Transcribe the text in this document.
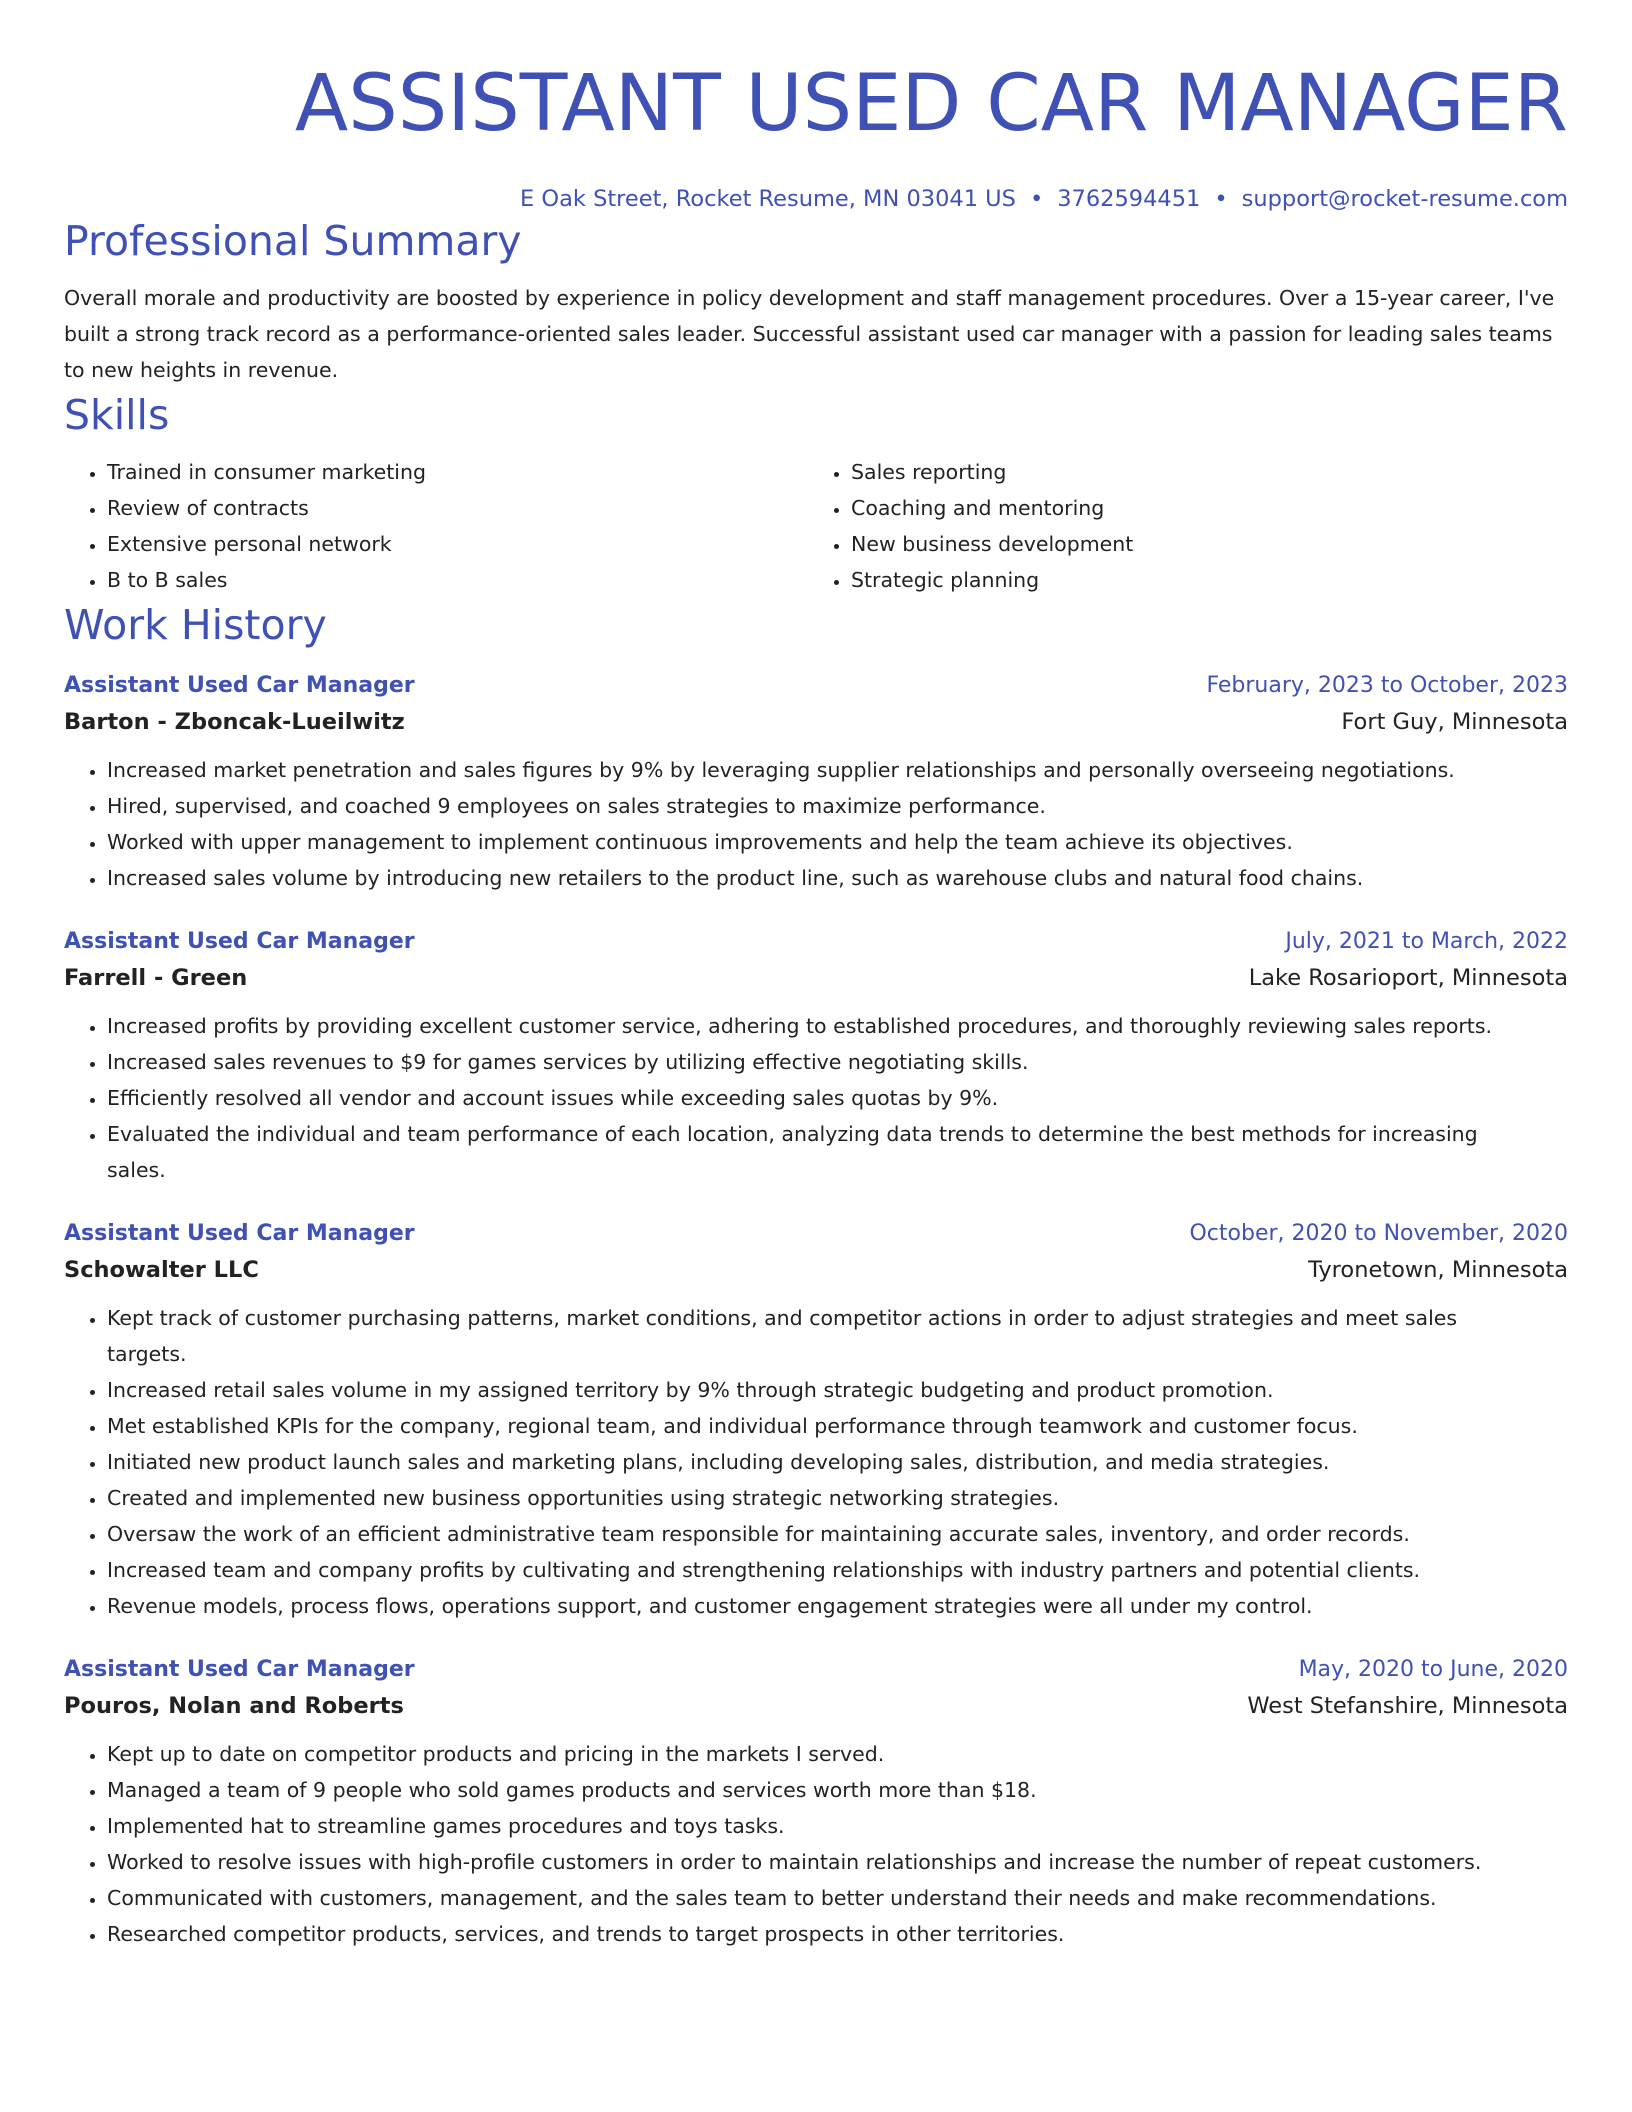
ASSISTANT USED CAR MANAGER
E Oak Street, Rocket Resume, MN 03041 US • 3762594451 • support@rocket-resume.com
Professional Summary

Overall morale and productivity are boosted by experience in policy development and staff management procedures. Over a 15-year career, I've built a strong track record as a performance-oriented sales leader. Successful assistant used car manager with a passion for leading sales teams to new heights in revenue.

Skills
• Trained in consumer marketing
• Review of contracts
• Extensive personal network
• B to B sales
• Sales reporting
• Coaching and mentoring
• New business development
• Strategic planning
Work History
Assistant Used Car Manager	February, 2023 to October, 2023
Barton - Zboncak-Lueilwitz	Fort Guy, Minnesota
• Increased market penetration and sales figures by 9% by leveraging supplier relationships and personally overseeing negotiations.
• Hired, supervised, and coached 9 employees on sales strategies to maximize performance.
• Worked with upper management to implement continuous improvements and help the team achieve its objectives.
• Increased sales volume by introducing new retailers to the product line, such as warehouse clubs and natural food chains.
Assistant Used Car Manager	July, 2021 to March, 2022
Farrell - Green	Lake Rosarioport, Minnesota
• Increased profits by providing excellent customer service, adhering to established procedures, and thoroughly reviewing sales reports.
• Increased sales revenues to $9 for games services by utilizing effective negotiating skills.
• Efficiently resolved all vendor and account issues while exceeding sales quotas by 9%.
• Evaluated the individual and team performance of each location, analyzing data trends to determine the best methods for increasing sales.
Assistant Used Car Manager	October, 2020 to November, 2020
Schowalter LLC	Tyronetown, Minnesota
• Kept track of customer purchasing patterns, market conditions, and competitor actions in order to adjust strategies and meet sales targets.
• Increased retail sales volume in my assigned territory by 9% through strategic budgeting and product promotion.
• Met established KPIs for the company, regional team, and individual performance through teamwork and customer focus.
• Initiated new product launch sales and marketing plans, including developing sales, distribution, and media strategies.
• Created and implemented new business opportunities using strategic networking strategies.
• Oversaw the work of an efficient administrative team responsible for maintaining accurate sales, inventory, and order records.
• Increased team and company profits by cultivating and strengthening relationships with industry partners and potential clients.
• Revenue models, process flows, operations support, and customer engagement strategies were all under my control.
Assistant Used Car Manager	May, 2020 to June, 2020
Pouros, Nolan and Roberts	West Stefanshire, Minnesota
• Kept up to date on competitor products and pricing in the markets I served.
• Managed a team of 9 people who sold games products and services worth more than $18.
• Implemented hat to streamline games procedures and toys tasks.
• Worked to resolve issues with high-profile customers in order to maintain relationships and increase the number of repeat customers.
• Communicated with customers, management, and the sales team to better understand their needs and make recommendations.
• Researched competitor products, services, and trends to target prospects in other territories.
